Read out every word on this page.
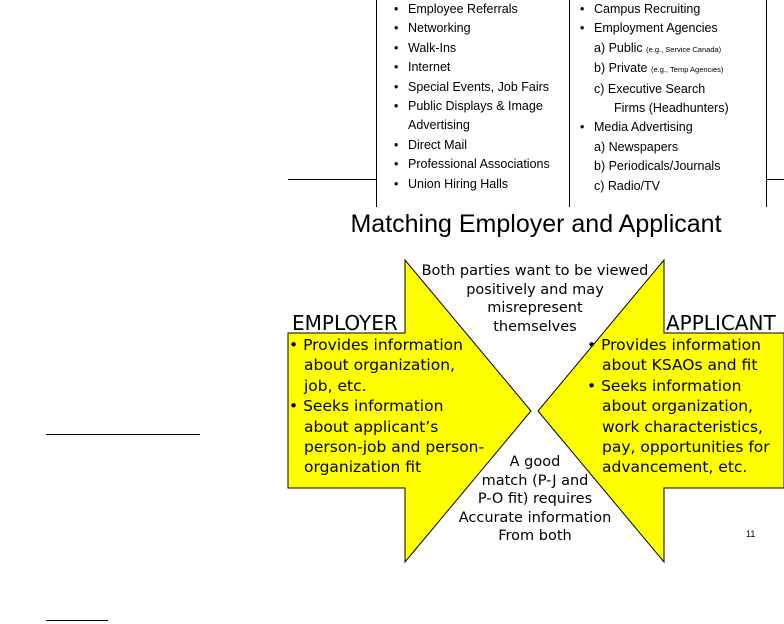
• Employee Referrals
• Networking
• Walk-Ins
• Internet
• Special Events, Job Fairs
• Public Displays & Image
Advertising
• Direct Mail
• Professional Associations
• Union Hiring Halls
• Campus Recruiting
• Employment Agencies
a) Public (e.g., Service Canada)
b) Private (e.g., Temp Agencies)
c) Executive Search
Firms (Headhunters)
• Media Advertising
a) Newspapers
b) Periodicals/Journals
c) Radio/TV
Matching Employer and Applicant
Both parties want to be viewed
positively and may
misrepresent
themselves
EMPLOYER
• Provides information
about organization,
job, etc.
• Seeks information
about applicant’s
person-job and person-
organization fit
APPLICANT
• Provides information
about KSAOs and fit
• Seeks information
about organization,
work characteristics,
pay, opportunities for
advancement, etc.
A good
match (P-J and
P-O fit) requires
Accurate information
From both	11
